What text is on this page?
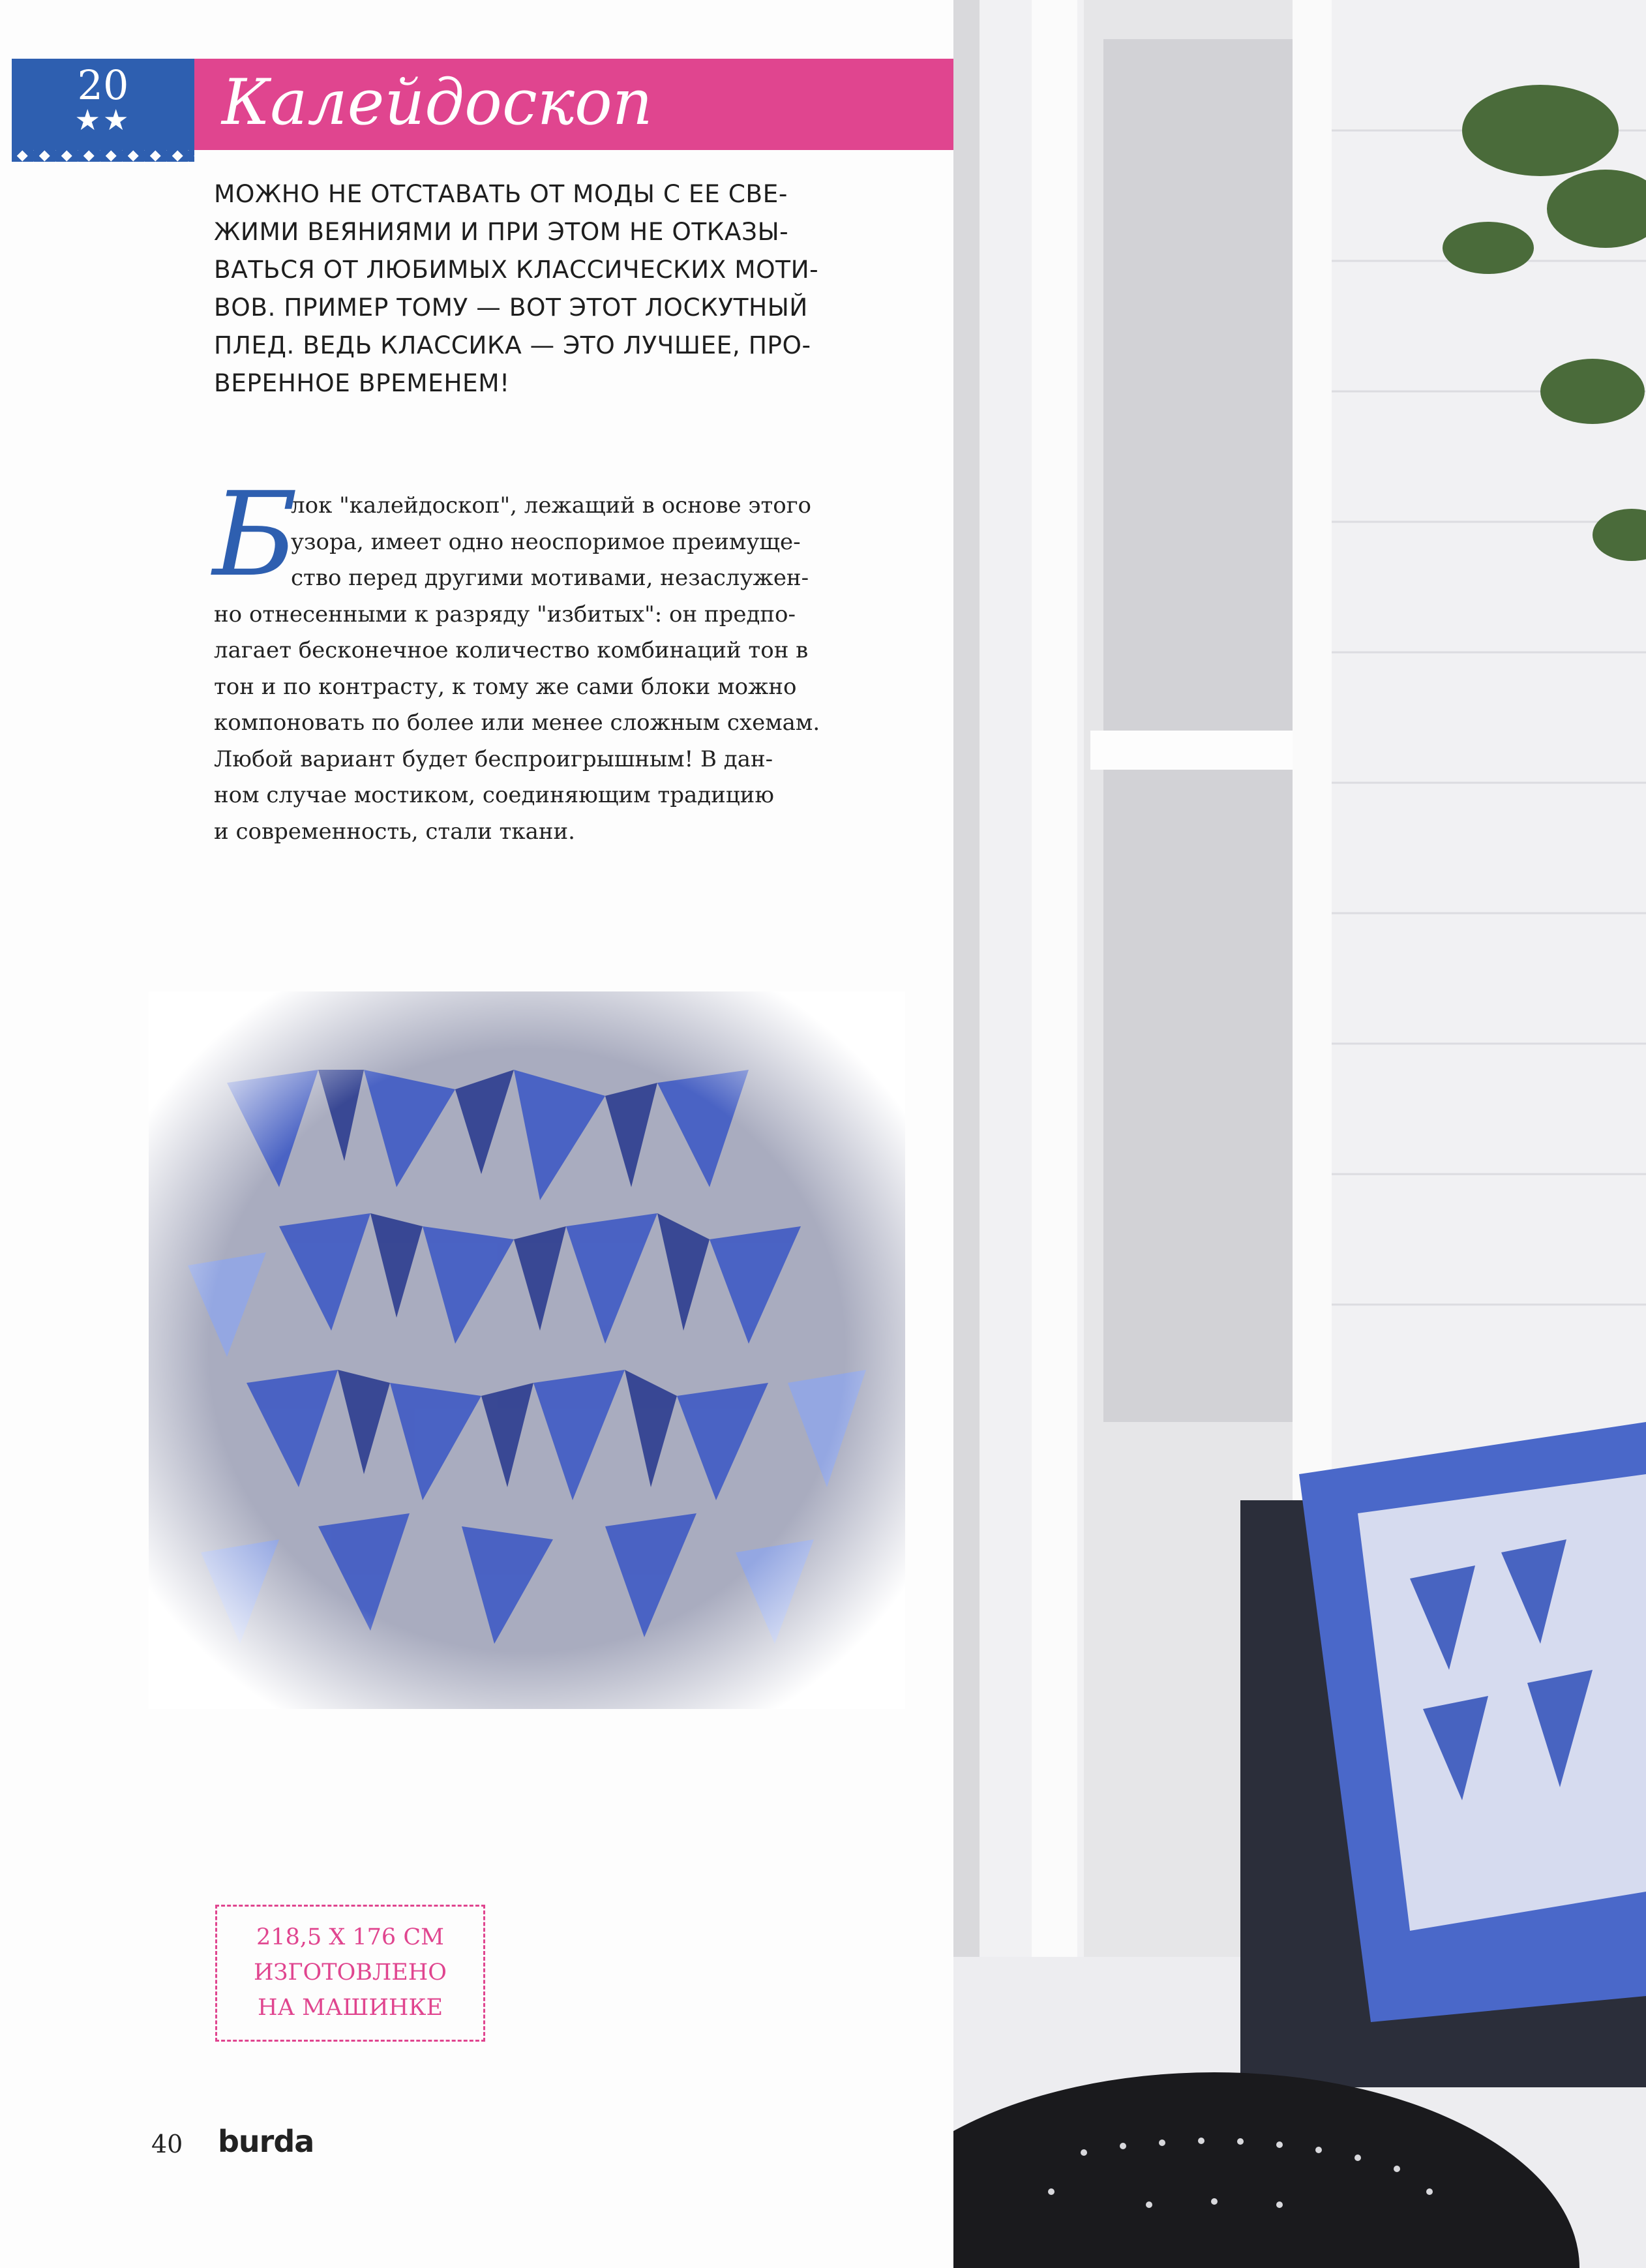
20
★★	Калейдоскоп
МОЖНО НЕ ОТСТАВАТЬ ОТ МОДЫ С ЕЕ СВЕ-
ЖИМИ ВЕЯНИЯМИ И ПРИ ЭТОМ НЕ ОТКАЗЫ-
ВАТЬСЯ ОТ ЛЮБИМЫХ КЛАССИЧЕСКИХ МОТИ-
ВОВ. ПРИМЕР ТОМУ — ВОТ ЭТОТ ЛОСКУТНЫЙ
ПЛЕД. ВЕДЬ КЛАССИКА — ЭТО ЛУЧШЕЕ, ПРО-
ВЕРЕННОЕ ВРЕМЕНЕМ!
Б
лок "калейдоскоп", лежащий в основе этого
узора, имеет одно неоспоримое преимуще-
ство перед другими мотивами, незаслужен-
но отнесенными к разряду "избитых": он предпо-
лагает бесконечное количество комбинаций тон в
тон и по контрасту, к тому же сами блоки можно
компоновать по более или менее сложным схемам.
Любой вариант будет беспроигрышным! В дан-
ном случае мостиком, соединяющим традицию
и современность, стали ткани.
218,5 Х 176 СМ
ИЗГОТОВЛЕНО
НА МАШИНКЕ
40 burda
